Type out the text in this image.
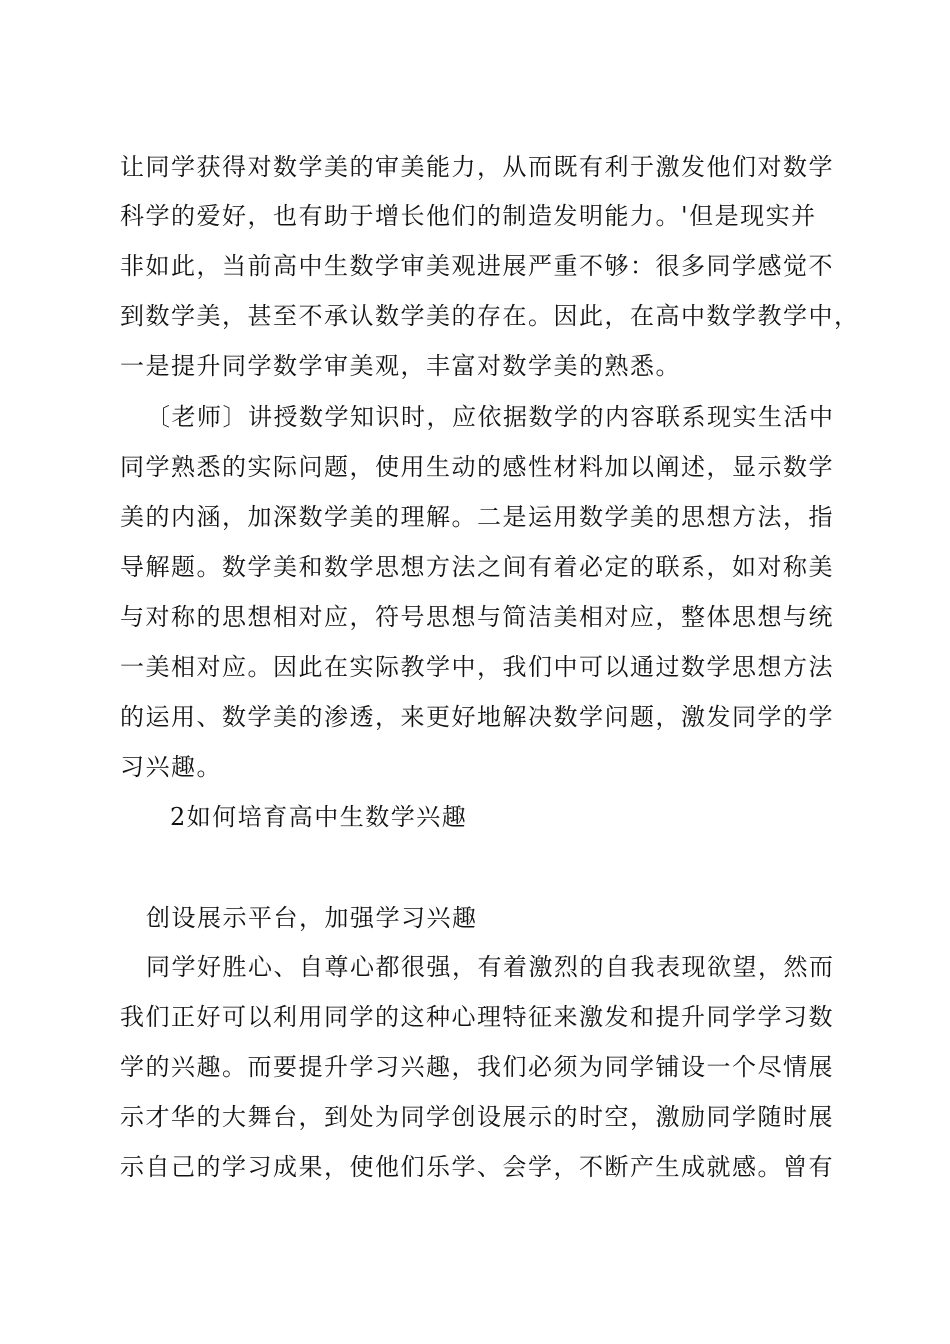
让同学获得对数学美的审美能力，从而既有利于激发他们对数学
科学的爱好，也有助于增长他们的制造发明能力。'但是现实并
非如此，当前高中生数学审美观进展严重不够：很多同学感觉不
到数学美，甚至不承认数学美的存在。因此，在高中数学教学中，
一是提升同学数学审美观，丰富对数学美的熟悉。
〔老师〕讲授数学知识时，应依据数学的内容联系现实生活中
同学熟悉的实际问题，使用生动的感性材料加以阐述，显示数学
美的内涵，加深数学美的理解。二是运用数学美的思想方法，指
导解题。数学美和数学思想方法之间有着必定的联系，如对称美
与对称的思想相对应，符号思想与简洁美相对应，整体思想与统
一美相对应。因此在实际教学中，我们中可以通过数学思想方法
的运用、数学美的渗透，来更好地解决数学问题，激发同学的学
习兴趣。
2如何培育高中生数学兴趣
创设展示平台，加强学习兴趣
同学好胜心、自尊心都很强，有着激烈的自我表现欲望，然而
我们正好可以利用同学的这种心理特征来激发和提升同学学习数
学的兴趣。而要提升学习兴趣，我们必须为同学铺设一个尽情展
示才华的大舞台，到处为同学创设展示的时空，激励同学随时展
示自己的学习成果，使他们乐学、会学，不断产生成就感。曾有
